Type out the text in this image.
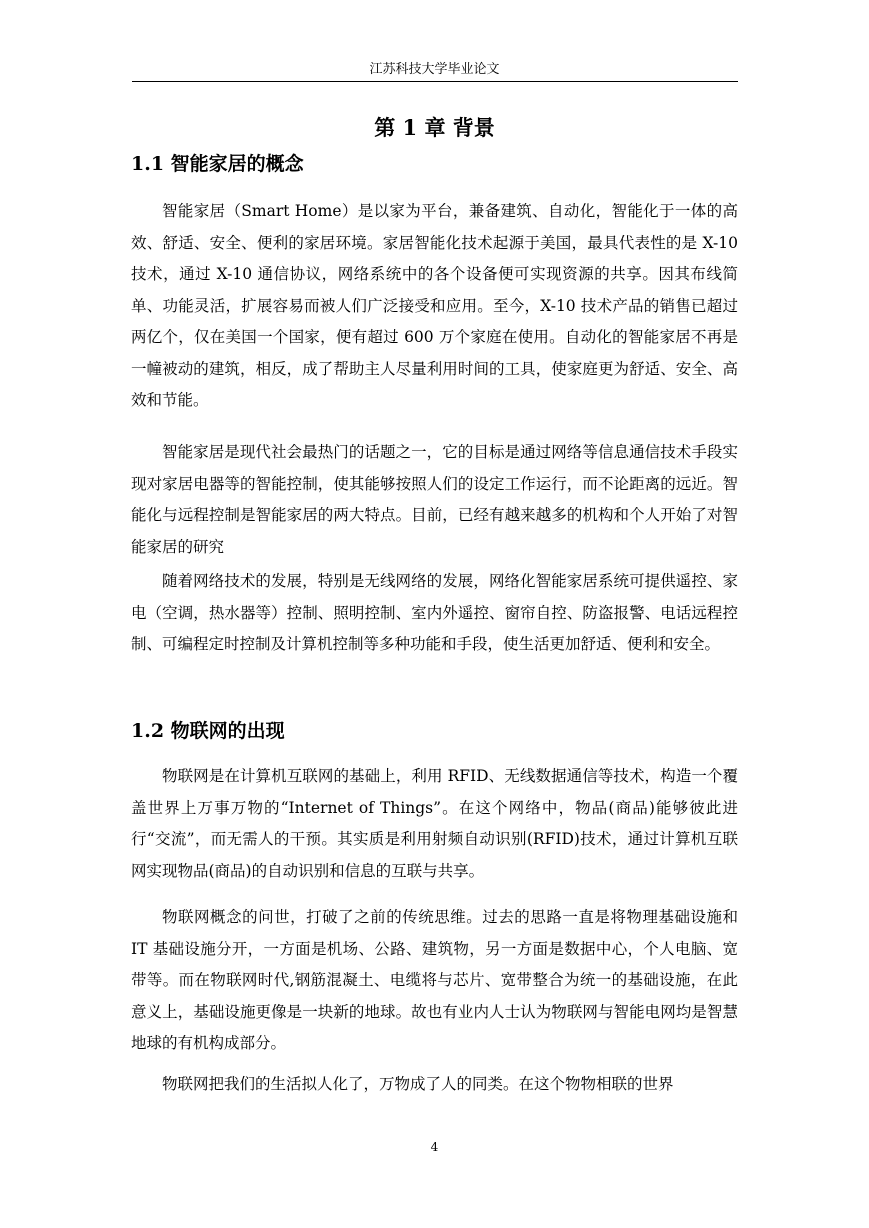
江苏科技大学毕业论文
第 1 章 背景
1.1 智能家居的概念

智能家居（Smart Home）是以家为平台，兼备建筑、自动化，智能化于一体的高效、舒适、安全、便利的家居环境。家居智能化技术起源于美国，最具代表性的是 X-10 技术，通过 X-10 通信协议，网络系统中的各个设备便可实现资源的共享。因其布线简单、功能灵活，扩展容易而被人们广泛接受和应用。至今，X-10 技术产品的销售已超过两亿个，仅在美国一个国家，便有超过 600 万个家庭在使用。自动化的智能家居不再是一幢被动的建筑，相反，成了帮助主人尽量利用时间的工具，使家庭更为舒适、安全、高效和节能。

智能家居是现代社会最热门的话题之一，它的目标是通过网络等信息通信技术手段实现对家居电器等的智能控制，使其能够按照人们的设定工作运行，而不论距离的远近。智能化与远程控制是智能家居的两大特点。目前，已经有越来越多的机构和个人开始了对智能家居的研究

随着网络技术的发展，特别是无线网络的发展，网络化智能家居系统可提供遥控、家电（空调，热水器等）控制、照明控制、室内外遥控、窗帘自控、防盗报警、电话远程控制、可编程定时控制及计算机控制等多种功能和手段，使生活更加舒适、便利和安全。

1.2 物联网的出现

物联网是在计算机互联网的基础上，利用 RFID、无线数据通信等技术，构造一个覆盖世界上万事万物的“Internet of Things”。在这个网络中，物品(商品)能够彼此进行“交流”，而无需人的干预。其实质是利用射频自动识别(RFID)技术，通过计算机互联网实现物品(商品)的自动识别和信息的互联与共享。

物联网概念的问世，打破了之前的传统思维。过去的思路一直是将物理基础设施和 IT 基础设施分开，一方面是机场、公路、建筑物，另一方面是数据中心，个人电脑、宽带等。而在物联网时代,钢筋混凝土、电缆将与芯片、宽带整合为统一的基础设施，在此意义上，基础设施更像是一块新的地球。故也有业内人士认为物联网与智能电网均是智慧地球的有机构成部分。

物联网把我们的生活拟人化了，万物成了人的同类。在这个物物相联的世界

4
